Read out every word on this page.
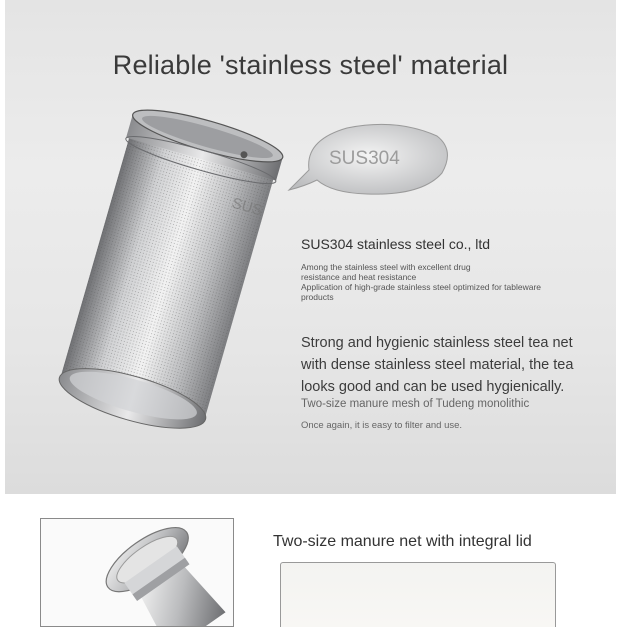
Reliable 'stainless steel' material
SUS
SUS304
SUS304 stainless steel co., ltd
Among the stainless steel with excellent drug
resistance and heat resistance
Application of high-grade stainless steel optimized for tableware
products
Strong and hygienic stainless steel tea net
with dense stainless steel material, the tea
looks good and can be used hygienically.
Two-size manure mesh of Tudeng monolithic
Once again, it is easy to filter and use.
Two-size manure net with integral lid
